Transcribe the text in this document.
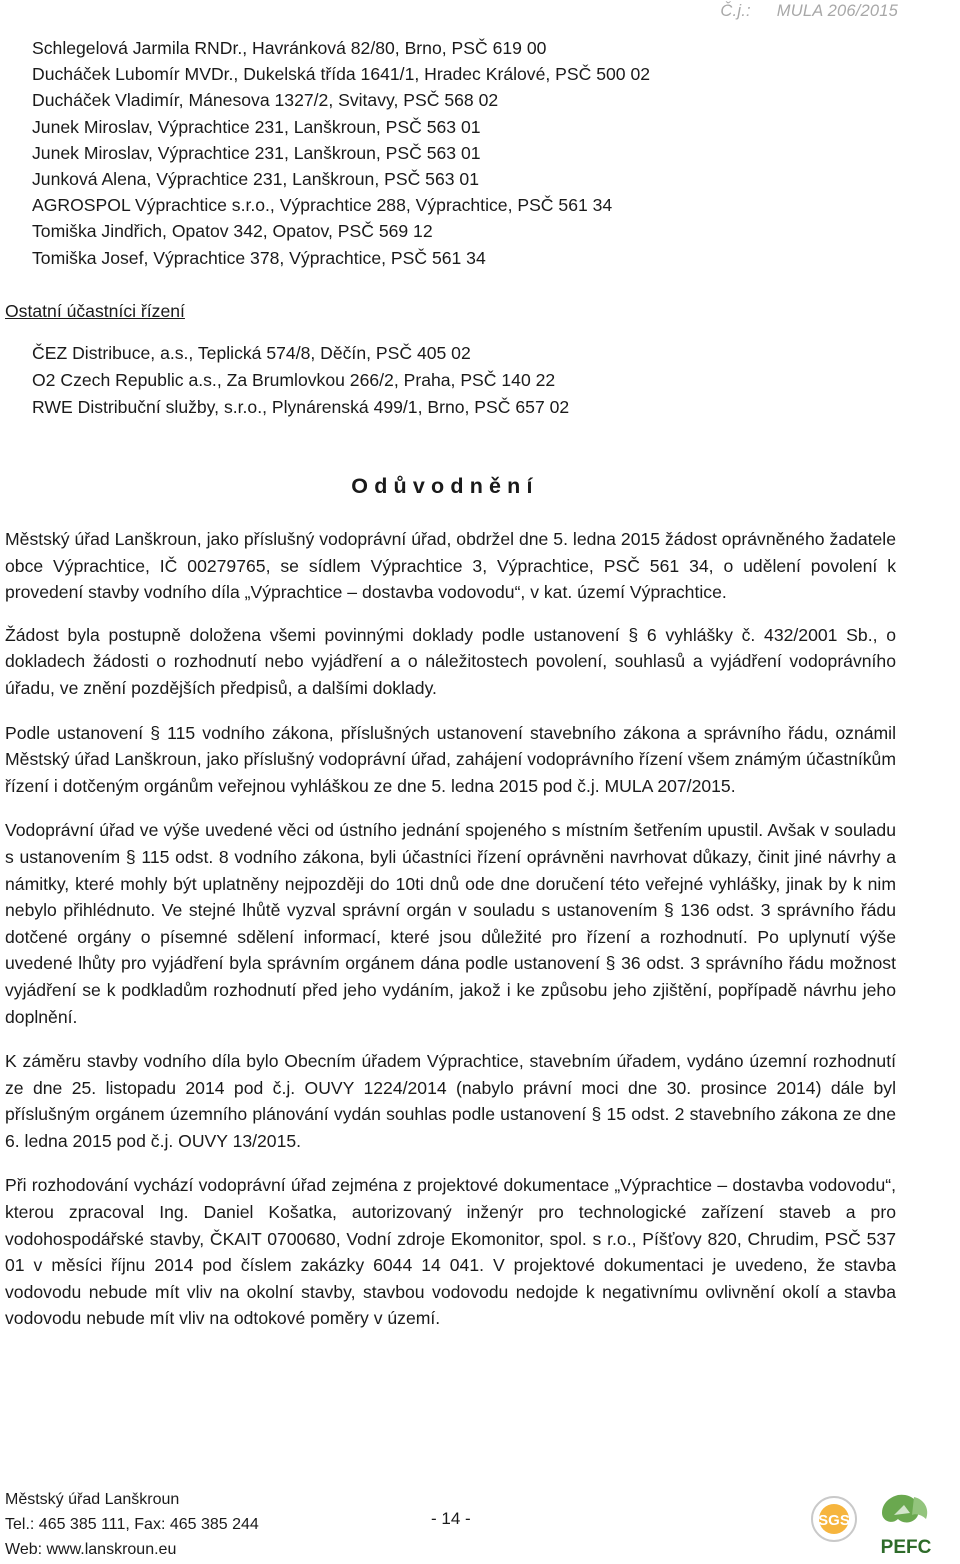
Č.j.: MULA 206/2015
Schlegelová Jarmila RNDr., Havránková 82/80, Brno, PSČ 619 00
Ducháček Lubomír MVDr., Dukelská třída 1641/1, Hradec Králové, PSČ 500 02
Ducháček Vladimír, Mánesova 1327/2, Svitavy, PSČ 568 02
Junek Miroslav, Výprachtice 231, Lanškroun, PSČ 563 01
Junek Miroslav, Výprachtice 231, Lanškroun, PSČ 563 01
Junková Alena, Výprachtice 231, Lanškroun, PSČ 563 01
AGROSPOL Výprachtice s.r.o., Výprachtice 288, Výprachtice, PSČ 561 34
Tomiška Jindřich, Opatov 342, Opatov, PSČ 569 12
Tomiška Josef, Výprachtice 378, Výprachtice, PSČ 561 34
Ostatní účastníci řízení
ČEZ Distribuce, a.s., Teplická 574/8, Děčín, PSČ 405 02
O2 Czech Republic a.s., Za Brumlovkou 266/2, Praha, PSČ 140 22
RWE Distribuční služby, s.r.o., Plynárenská 499/1, Brno, PSČ 657 02
Odůvodnění

Městský úřad Lanškroun, jako příslušný vodoprávní úřad, obdržel dne 5. ledna 2015 žádost oprávněného žadatele obce Výprachtice, IČ 00279765, se sídlem Výprachtice 3, Výprachtice, PSČ 561 34, o udělení povolení k provedení stavby vodního díla „Výprachtice – dostavba vodovodu“, v kat. území Výprachtice.

Žádost byla postupně doložena všemi povinnými doklady podle ustanovení § 6 vyhlášky č. 432/2001 Sb., o dokladech žádosti o rozhodnutí nebo vyjádření a o náležitostech povolení, souhlasů a vyjádření vodoprávního úřadu, ve znění pozdějších předpisů, a dalšími doklady.

Podle ustanovení § 115 vodního zákona, příslušných ustanovení stavebního zákona a správního řádu, oznámil Městský úřad Lanškroun, jako příslušný vodoprávní úřad, zahájení vodoprávního řízení všem známým účastníkům řízení i dotčeným orgánům veřejnou vyhláškou ze dne 5. ledna 2015 pod č.j. MULA 207/2015.

Vodoprávní úřad ve výše uvedené věci od ústního jednání spojeného s místním šetřením upustil. Avšak v souladu s ustanovením § 115 odst. 8 vodního zákona, byli účastníci řízení oprávněni navrhovat důkazy, činit jiné návrhy a námitky, které mohly být uplatněny nejpozději do 10ti dnů ode dne doručení této veřejné vyhlášky, jinak by k nim nebylo přihlédnuto. Ve stejné lhůtě vyzval správní orgán v souladu s ustanovením § 136 odst. 3 správního řádu dotčené orgány o písemné sdělení informací, které jsou důležité pro řízení a rozhodnutí. Po uplynutí výše uvedené lhůty pro vyjádření byla správním orgánem dána podle ustanovení § 36 odst. 3 správního řádu možnost vyjádření se k podkladům rozhodnutí před jeho vydáním, jakož i ke způsobu jeho zjištění, popřípadě návrhu jeho doplnění.

K záměru stavby vodního díla bylo Obecním úřadem Výprachtice, stavebním úřadem, vydáno územní rozhodnutí ze dne 25. listopadu 2014 pod č.j. OUVY 1224/2014 (nabylo právní moci dne 30. prosince 2014) dále byl příslušným orgánem územního plánování vydán souhlas podle ustanovení § 15 odst. 2 stavebního zákona ze dne 6. ledna 2015 pod č.j. OUVY 13/2015.

Při rozhodování vychází vodoprávní úřad zejména z projektové dokumentace „Výprachtice – dostavba vodovodu“, kterou zpracoval Ing. Daniel Košatka, autorizovaný inženýr pro technologické zařízení staveb a pro vodohospodářské stavby, ČKAIT 0700680, Vodní zdroje Ekomonitor, spol. s r.o., Píšťovy 820, Chrudim, PSČ 537 01 v měsíci říjnu 2014 pod číslem zakázky 6044 14 041. V projektové dokumentaci je uvedeno, že stavba vodovodu nebude mít vliv na okolní stavby, stavbou vodovodu nedojde k negativnímu ovlivnění okolí a stavba vodovodu nebude mít vliv na odtokové poměry v území.

Městský úřad Lanškroun
Tel.: 465 385 111, Fax: 465 385 244
Web: www.lanskroun.eu
- 14 -	SGS
PEFC
